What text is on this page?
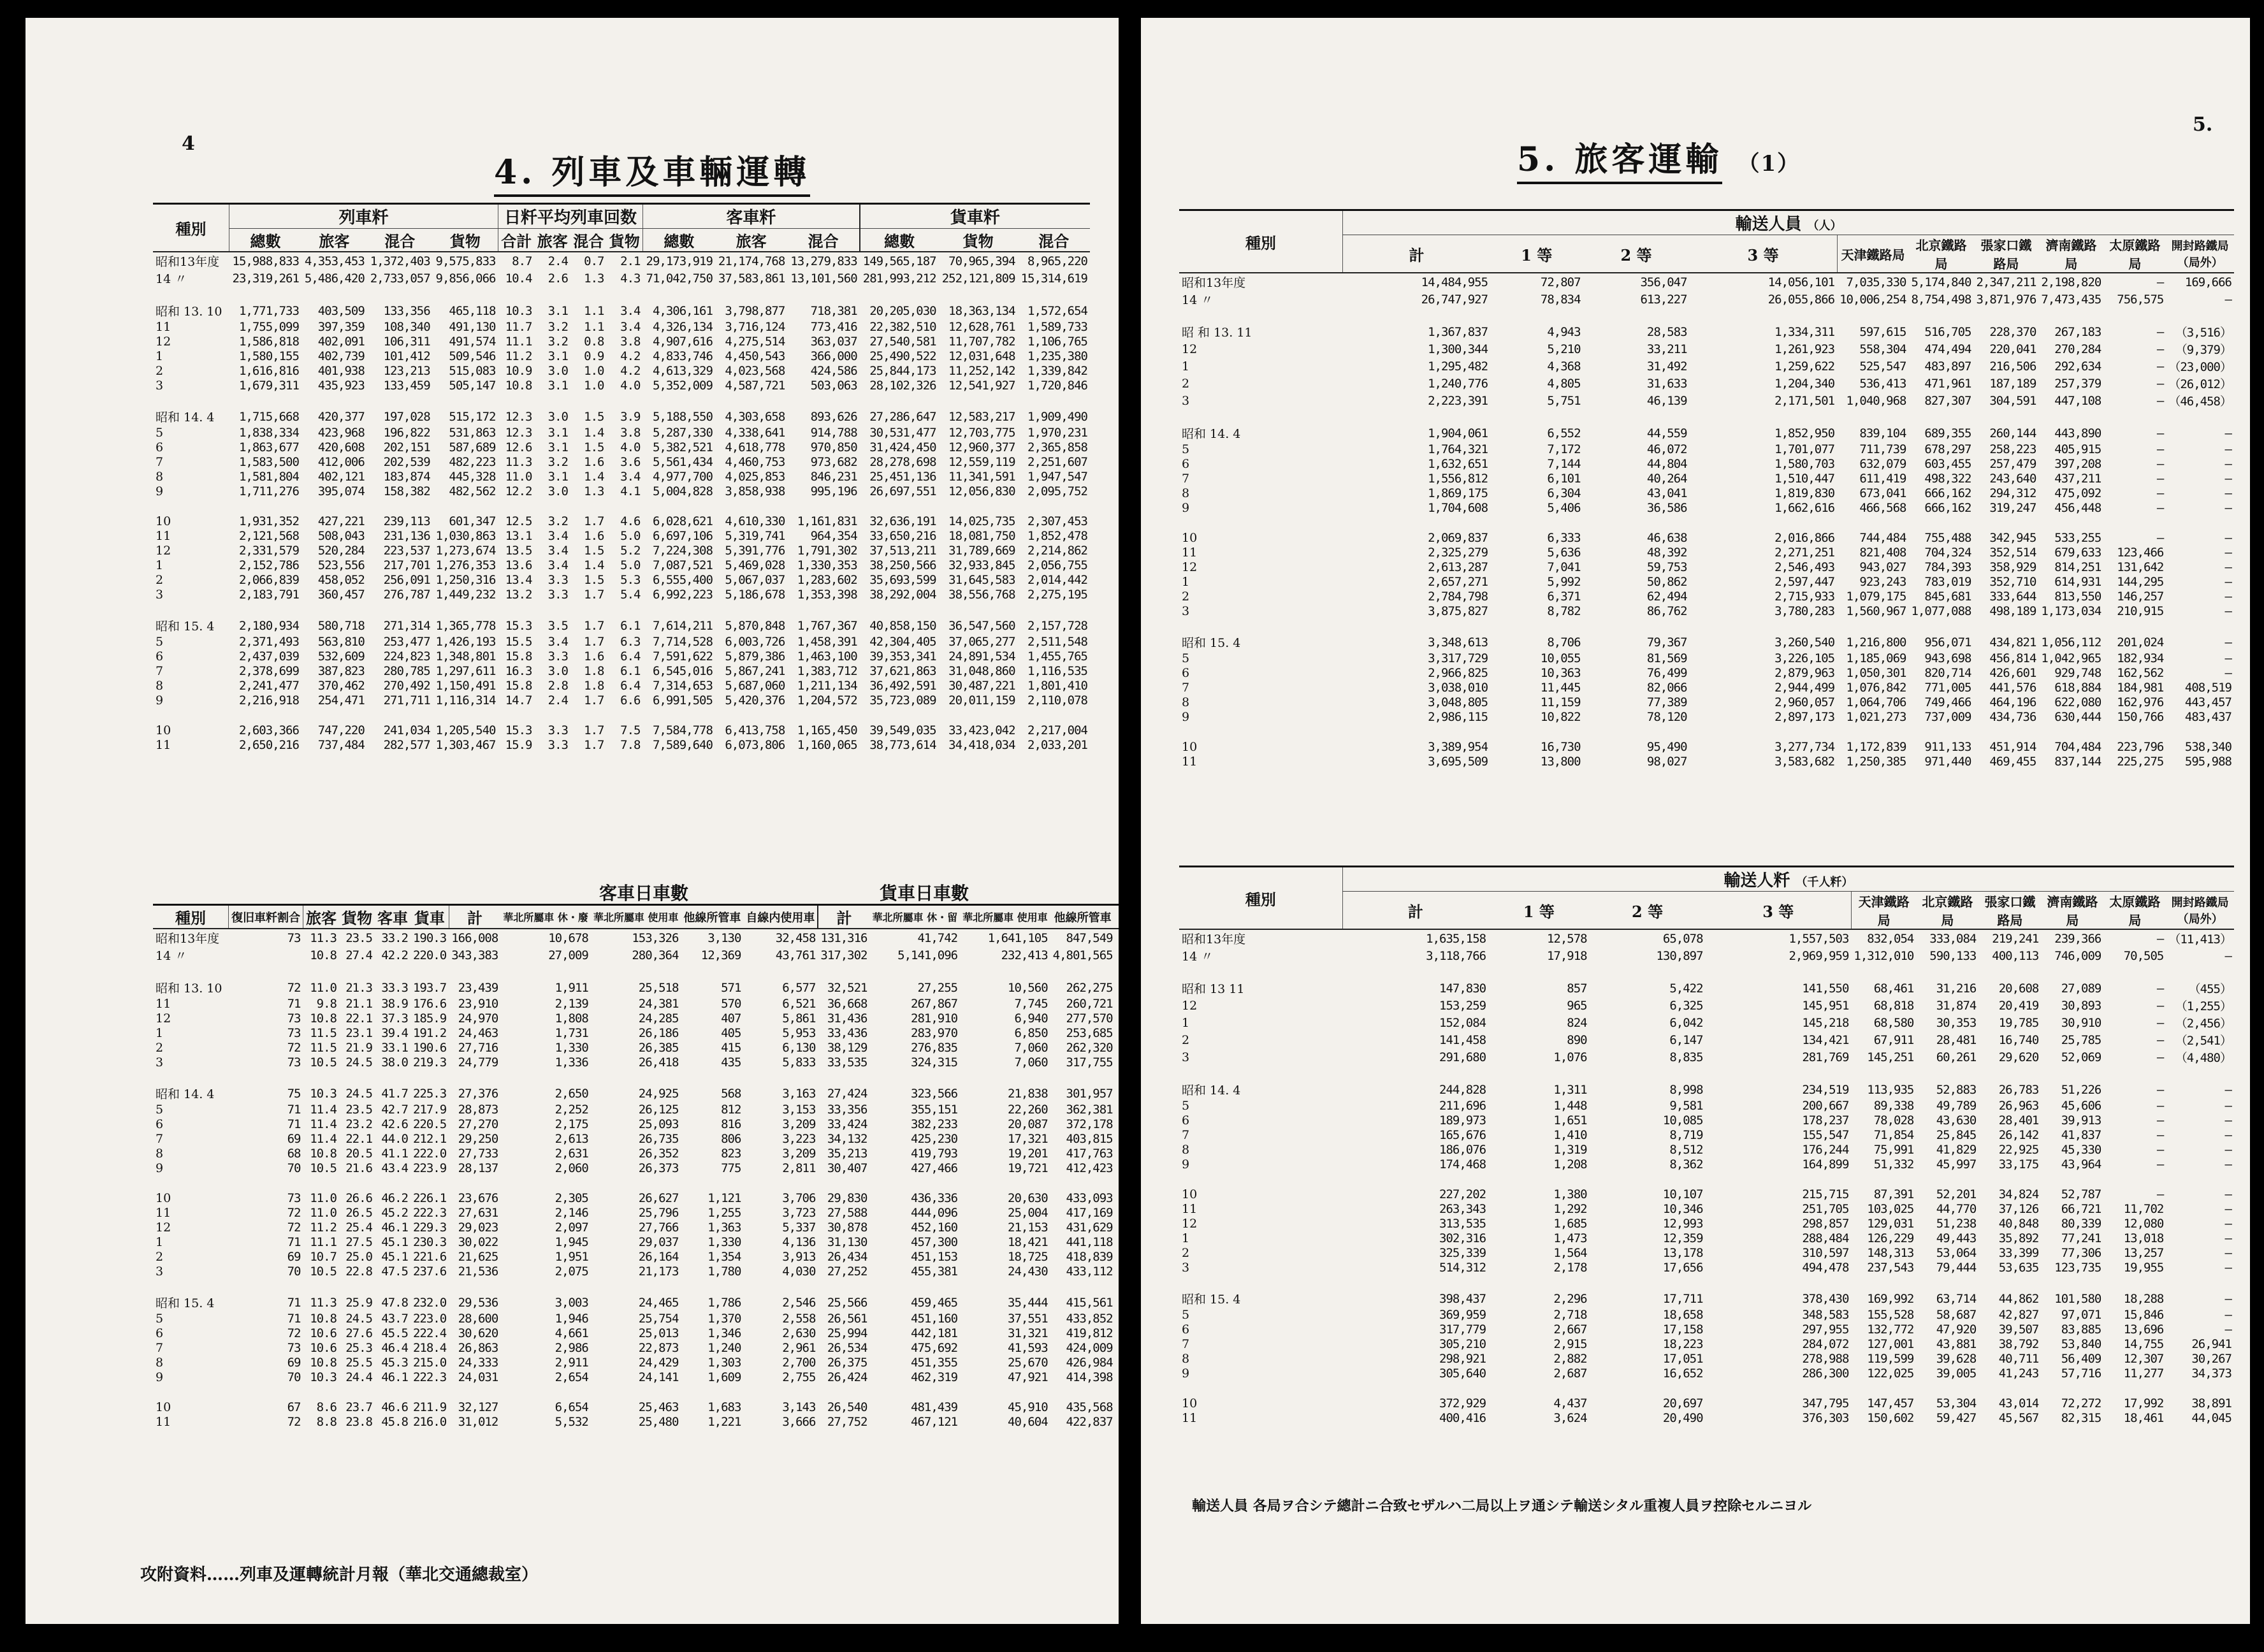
4
4. 列車及車輛運轉
種別	列車粁				日粁平均列車回数				客車粁			貨車粁		
	總數	旅客	混合	貨物	合計	旅客	混合	貨物	總數	旅客	混合	總數	貨物	混合
昭和13年度	15,988,833	4,353,453	1,372,403	9,575,833	8.7	2.4	0.7	2.1	29,173,919	21,174,768	13,279,833	149,565,187	70,965,394	8,965,220
14 〃	23,319,261	5,486,420	2,733,057	9,856,066	10.4	2.6	1.3	4.3	71,042,750	37,583,861	13,101,560	281,993,212	252,121,809	15,314,619

昭和 13. 10	1,771,733	403,509	133,356	465,118	10.3	3.1	1.1	3.4	4,306,161	3,798,877	718,381	20,205,030	18,363,134	1,572,654
11	1,755,099	397,359	108,340	491,130	11.7	3.2	1.1	3.4	4,326,134	3,716,124	773,416	22,382,510	12,628,761	1,589,733
12	1,586,818	402,091	106,311	491,574	11.1	3.2	0.8	3.8	4,907,616	4,275,514	363,037	27,540,581	11,707,782	1,106,765
1	1,580,155	402,739	101,412	509,546	11.2	3.1	0.9	4.2	4,833,746	4,450,543	366,000	25,490,522	12,031,648	1,235,380
2	1,616,816	401,938	123,213	515,083	10.9	3.0	1.0	4.2	4,613,329	4,023,568	424,586	25,844,173	11,252,142	1,339,842
3	1,679,311	435,923	133,459	505,147	10.8	3.1	1.0	4.0	5,352,009	4,587,721	503,063	28,102,326	12,541,927	1,720,846

昭和 14. 4	1,715,668	420,377	197,028	515,172	12.3	3.0	1.5	3.9	5,188,550	4,303,658	893,626	27,286,647	12,583,217	1,909,490
5	1,838,334	423,968	196,822	531,863	12.3	3.1	1.4	3.8	5,287,330	4,338,641	914,788	30,531,477	12,703,775	1,970,231
6	1,863,677	420,608	202,151	587,689	12.6	3.1	1.5	4.0	5,382,521	4,618,778	970,850	31,424,450	12,960,377	2,365,858
7	1,583,500	412,006	202,539	482,223	11.3	3.2	1.6	3.6	5,561,434	4,460,753	973,682	28,278,698	12,559,119	2,251,607
8	1,581,804	402,121	183,874	445,328	11.0	3.1	1.4	3.4	4,977,700	4,025,853	846,231	25,451,136	11,341,591	1,947,547
9	1,711,276	395,074	158,382	482,562	12.2	3.0	1.3	4.1	5,004,828	3,858,938	995,196	26,697,551	12,056,830	2,095,752

10	1,931,352	427,221	239,113	601,347	12.5	3.2	1.7	4.6	6,028,621	4,610,330	1,161,831	32,636,191	14,025,735	2,307,453
11	2,121,568	508,043	231,136	1,030,863	13.1	3.4	1.6	5.0	6,697,106	5,319,741	964,354	33,650,216	18,081,750	1,852,478
12	2,331,579	520,284	223,537	1,273,674	13.5	3.4	1.5	5.2	7,224,308	5,391,776	1,791,302	37,513,211	31,789,669	2,214,862
1	2,152,786	523,556	217,701	1,276,353	13.6	3.4	1.4	5.0	7,087,521	5,469,028	1,330,353	38,250,566	32,933,845	2,056,755
2	2,066,839	458,052	256,091	1,250,316	13.4	3.3	1.5	5.3	6,555,400	5,067,037	1,283,602	35,693,599	31,645,583	2,014,442
3	2,183,791	360,457	276,787	1,449,232	13.2	3.3	1.7	5.4	6,992,223	5,186,678	1,353,398	38,292,004	38,556,768	2,275,195

昭和 15. 4	2,180,934	580,718	271,314	1,365,778	15.3	3.5	1.7	6.1	7,614,211	5,870,848	1,767,367	40,858,150	36,547,560	2,157,728
5	2,371,493	563,810	253,477	1,426,193	15.5	3.4	1.7	6.3	7,714,528	6,003,726	1,458,391	42,304,405	37,065,277	2,511,548
6	2,437,039	532,609	224,823	1,348,801	15.8	3.3	1.6	6.4	7,591,622	5,879,386	1,463,100	39,353,341	24,891,534	1,455,765
7	2,378,699	387,823	280,785	1,297,611	16.3	3.0	1.8	6.1	6,545,016	5,867,241	1,383,712	37,621,863	31,048,860	1,116,535
8	2,241,477	370,462	270,492	1,150,491	15.8	2.8	1.8	6.4	7,314,653	5,687,060	1,211,134	36,492,591	30,487,221	1,801,410
9	2,216,918	254,471	271,711	1,116,314	14.7	2.4	1.7	6.6	6,991,505	5,420,376	1,204,572	35,723,089	20,011,159	2,110,078

10	2,603,366	747,220	241,034	1,205,540	15.3	3.3	1.7	7.5	7,584,778	6,413,758	1,165,450	39,549,035	33,423,042	2,217,004
11	2,650,216	737,484	282,577	1,303,467	15.9	3.3	1.7	7.8	7,589,640	6,073,806	1,160,065	38,773,614	34,418,034	2,033,201
客車日車數	貨車日車數
種別	復旧車粁割合	旅客	貨物	客車	貨車	計	華北所屬車 休・廢	華北所屬車 使用車	他線所管車	自線内使用車	計	華北所屬車 休・留	華北所屬車 使用車	他線所管車	
昭和13年度	73	11.3	23.5	33.2	190.3	166,008	10,678	153,326	3,130	32,458	131,316	41,742	1,641,105	847,549	
14 〃		10.8	27.4	42.2	220.0	343,383	27,009	280,364	12,369	43,761	317,302	5,141,096	232,413	4,801,565	

昭和 13. 10	72	11.0	21.3	33.3	193.7	23,439	1,911	25,518	571	6,577	32,521	27,255	10,560	262,275	
11	71	9.8	21.1	38.9	176.6	23,910	2,139	24,381	570	6,521	36,668	267,867	7,745	260,721	
12	73	10.8	22.1	37.3	185.9	24,970	1,808	24,285	407	5,861	31,436	281,910	6,940	277,570	
1	73	11.5	23.1	39.4	191.2	24,463	1,731	26,186	405	5,953	33,436	283,970	6,850	253,685	
2	72	11.5	21.9	33.1	190.6	27,716	1,330	26,385	415	6,130	38,129	276,835	7,060	262,320	
3	73	10.5	24.5	38.0	219.3	24,779	1,336	26,418	435	5,833	33,535	324,315	7,060	317,755	

昭和 14. 4	75	10.3	24.5	41.7	225.3	27,376	2,650	24,925	568	3,163	27,424	323,566	21,838	301,957	
5	71	11.4	23.5	42.7	217.9	28,873	2,252	26,125	812	3,153	33,356	355,151	22,260	362,381	
6	71	11.4	23.2	42.6	220.5	27,270	2,175	25,093	816	3,209	33,424	382,233	20,087	372,178	
7	69	11.4	22.1	44.0	212.1	29,250	2,613	26,735	806	3,223	34,132	425,230	17,321	403,815	
8	68	10.8	20.5	41.1	222.0	27,733	2,631	26,352	823	3,209	35,213	419,793	19,201	417,763	
9	70	10.5	21.6	43.4	223.9	28,137	2,060	26,373	775	2,811	30,407	427,466	19,721	412,423	

10	73	11.0	26.6	46.2	226.1	23,676	2,305	26,627	1,121	3,706	29,830	436,336	20,630	433,093	
11	72	11.0	26.5	45.2	222.3	27,631	2,146	25,796	1,255	3,723	27,588	444,096	25,004	417,169	
12	72	11.2	25.4	46.1	229.3	29,023	2,097	27,766	1,363	5,337	30,878	452,160	21,153	431,629	
1	71	11.1	27.5	45.1	230.3	30,022	1,945	29,037	1,330	4,136	31,130	457,300	18,421	441,118	
2	69	10.7	25.0	45.1	221.6	21,625	1,951	26,164	1,354	3,913	26,434	451,153	18,725	418,839	
3	70	10.5	22.8	47.5	237.6	21,536	2,075	21,173	1,780	4,030	27,252	455,381	24,430	433,112	

昭和 15. 4	71	11.3	25.9	47.8	232.0	29,536	3,003	24,465	1,786	2,546	25,566	459,465	35,444	415,561	
5	71	10.8	24.5	43.7	223.0	28,600	1,946	25,754	1,370	2,558	26,561	451,160	37,551	433,852	
6	72	10.6	27.6	45.5	222.4	30,620	4,661	25,013	1,346	2,630	25,994	442,181	31,321	419,812	
7	73	10.6	25.3	46.4	218.4	26,863	2,986	22,873	1,240	2,961	26,534	475,692	41,593	424,009	
8	69	10.8	25.5	45.3	215.0	24,333	2,911	24,429	1,303	2,700	26,375	451,355	25,670	426,984	
9	70	10.3	24.4	46.1	222.3	24,031	2,654	24,141	1,609	2,755	26,424	462,319	47,921	414,398	

10	67	8.6	23.7	46.6	211.9	32,127	6,654	25,463	1,683	3,143	26,540	481,439	45,910	435,568	
11	72	8.8	23.8	45.8	216.0	31,012	5,532	25,480	1,221	3,666	27,752	467,121	40,604	422,837	
攻附資料……列車及運轉統計月報（華北交通總裁室）
5.
5. 旅客運輸 （1）
種別	輸送人員 （人）									
	計	1 等	2 等	3 等	天津鐵路局	北京鐵路局	張家口鐵路局	濟南鐵路局	太原鐵路局	開封路鐵局（局外）
昭和13年度	14,484,955	72,807	356,047	14,056,101	7,035,330	5,174,840	2,347,211	2,198,820	—	169,666
14 〃	26,747,927	78,834	613,227	26,055,866	10,006,254	8,754,498	3,871,976	7,473,435	756,575	—

昭 和 13. 11	1,367,837	4,943	28,583	1,334,311	597,615	516,705	228,370	267,183	—	（3,516）
12	1,300,344	5,210	33,211	1,261,923	558,304	474,494	220,041	270,284	—	（9,379）
1	1,295,482	4,368	31,492	1,259,622	525,547	483,897	216,506	292,634	—	（23,000）
2	1,240,776	4,805	31,633	1,204,340	536,413	471,961	187,189	257,379	—	（26,012）
3	2,223,391	5,751	46,139	2,171,501	1,040,968	827,307	304,591	447,108	—	（46,458）

昭和 14. 4	1,904,061	6,552	44,559	1,852,950	839,104	689,355	260,144	443,890	—	—
5	1,764,321	7,172	46,072	1,701,077	711,739	678,297	258,223	405,915	—	—
6	1,632,651	7,144	44,804	1,580,703	632,079	603,455	257,479	397,208	—	—
7	1,556,812	6,101	40,264	1,510,447	611,419	498,322	243,640	437,211	—	—
8	1,869,175	6,304	43,041	1,819,830	673,041	666,162	294,312	475,092	—	—
9	1,704,608	5,406	36,586	1,662,616	466,568	666,162	319,247	456,448	—	—

10	2,069,837	6,333	46,638	2,016,866	744,484	755,488	342,945	533,255	—	—
11	2,325,279	5,636	48,392	2,271,251	821,408	704,324	352,514	679,633	123,466	—
12	2,613,287	7,041	59,753	2,546,493	943,027	784,393	358,929	814,251	131,642	—
1	2,657,271	5,992	50,862	2,597,447	923,243	783,019	352,710	614,931	144,295	—
2	2,784,798	6,371	62,494	2,715,933	1,079,175	845,681	333,644	813,550	146,257	—
3	3,875,827	8,782	86,762	3,780,283	1,560,967	1,077,088	498,189	1,173,034	210,915	—

昭和 15. 4	3,348,613	8,706	79,367	3,260,540	1,216,800	956,071	434,821	1,056,112	201,024	—
5	3,317,729	10,055	81,569	3,226,105	1,185,069	943,698	456,814	1,042,965	182,934	—
6	2,966,825	10,363	76,499	2,879,963	1,050,301	820,714	426,601	929,748	162,562	—
7	3,038,010	11,445	82,066	2,944,499	1,076,842	771,005	441,576	618,884	184,981	408,519
8	3,048,805	11,159	77,389	2,960,057	1,064,706	749,466	464,196	622,080	162,976	443,457
9	2,986,115	10,822	78,120	2,897,173	1,021,273	737,009	434,736	630,444	150,766	483,437

10	3,389,954	16,730	95,490	3,277,734	1,172,839	911,133	451,914	704,484	223,796	538,340
11	3,695,509	13,800	98,027	3,583,682	1,250,385	971,440	469,455	837,144	225,275	595,988
種別	輸送人粁 （千人粁）									
	計	1 等	2 等	3 等	天津鐵路局	北京鐵路局	張家口鐵路局	濟南鐵路局	太原鐵路局	開封路鐵局（局外）
昭和13年度	1,635,158	12,578	65,078	1,557,503	832,054	333,084	219,241	239,366	—	（11,413）
14 〃	3,118,766	17,918	130,897	2,969,959	1,312,010	590,133	400,113	746,009	70,505	—

昭和 13 11	147,830	857	5,422	141,550	68,461	31,216	20,608	27,089	—	（455）
12	153,259	965	6,325	145,951	68,818	31,874	20,419	30,893	—	（1,255）
1	152,084	824	6,042	145,218	68,580	30,353	19,785	30,910	—	（2,456）
2	141,458	890	6,147	134,421	67,911	28,481	16,740	25,785	—	（2,541）
3	291,680	1,076	8,835	281,769	145,251	60,261	29,620	52,069	—	（4,480）

昭和 14. 4	244,828	1,311	8,998	234,519	113,935	52,883	26,783	51,226	—	—
5	211,696	1,448	9,581	200,667	89,338	49,789	26,963	45,606	—	—
6	189,973	1,651	10,085	178,237	78,028	43,630	28,401	39,913	—	—
7	165,676	1,410	8,719	155,547	71,854	25,845	26,142	41,837	—	—
8	186,076	1,319	8,512	176,244	75,991	41,829	22,925	45,330	—	—
9	174,468	1,208	8,362	164,899	51,332	45,997	33,175	43,964	—	—

10	227,202	1,380	10,107	215,715	87,391	52,201	34,824	52,787	—	—
11	263,343	1,292	10,346	251,705	103,025	44,770	37,126	66,721	11,702	—
12	313,535	1,685	12,993	298,857	129,031	51,238	40,848	80,339	12,080	—
1	302,316	1,473	12,359	288,484	126,229	49,443	35,892	77,241	13,018	—
2	325,339	1,564	13,178	310,597	148,313	53,064	33,399	77,306	13,257	—
3	514,312	2,178	17,656	494,478	237,543	79,444	53,635	123,735	19,955	—

昭和 15. 4	398,437	2,296	17,711	378,430	169,992	63,714	44,862	101,580	18,288	—
5	369,959	2,718	18,658	348,583	155,528	58,687	42,827	97,071	15,846	—
6	317,779	2,667	17,158	297,955	132,772	47,920	39,507	83,885	13,696	—
7	305,210	2,915	18,223	284,072	127,001	43,881	38,792	53,840	14,755	26,941
8	298,921	2,882	17,051	278,988	119,599	39,628	40,711	56,409	12,307	30,267
9	305,640	2,687	16,652	286,300	122,025	39,005	41,243	57,716	11,277	34,373

10	372,929	4,437	20,697	347,795	147,457	53,304	43,014	72,272	17,992	38,891
11	400,416	3,624	20,490	376,303	150,602	59,427	45,567	82,315	18,461	44,045
輸送人員 各局ヲ合シテ總計ニ合致セザルハ二局以上ヲ通シテ輸送シタル重複人員ヲ控除セルニヨル
